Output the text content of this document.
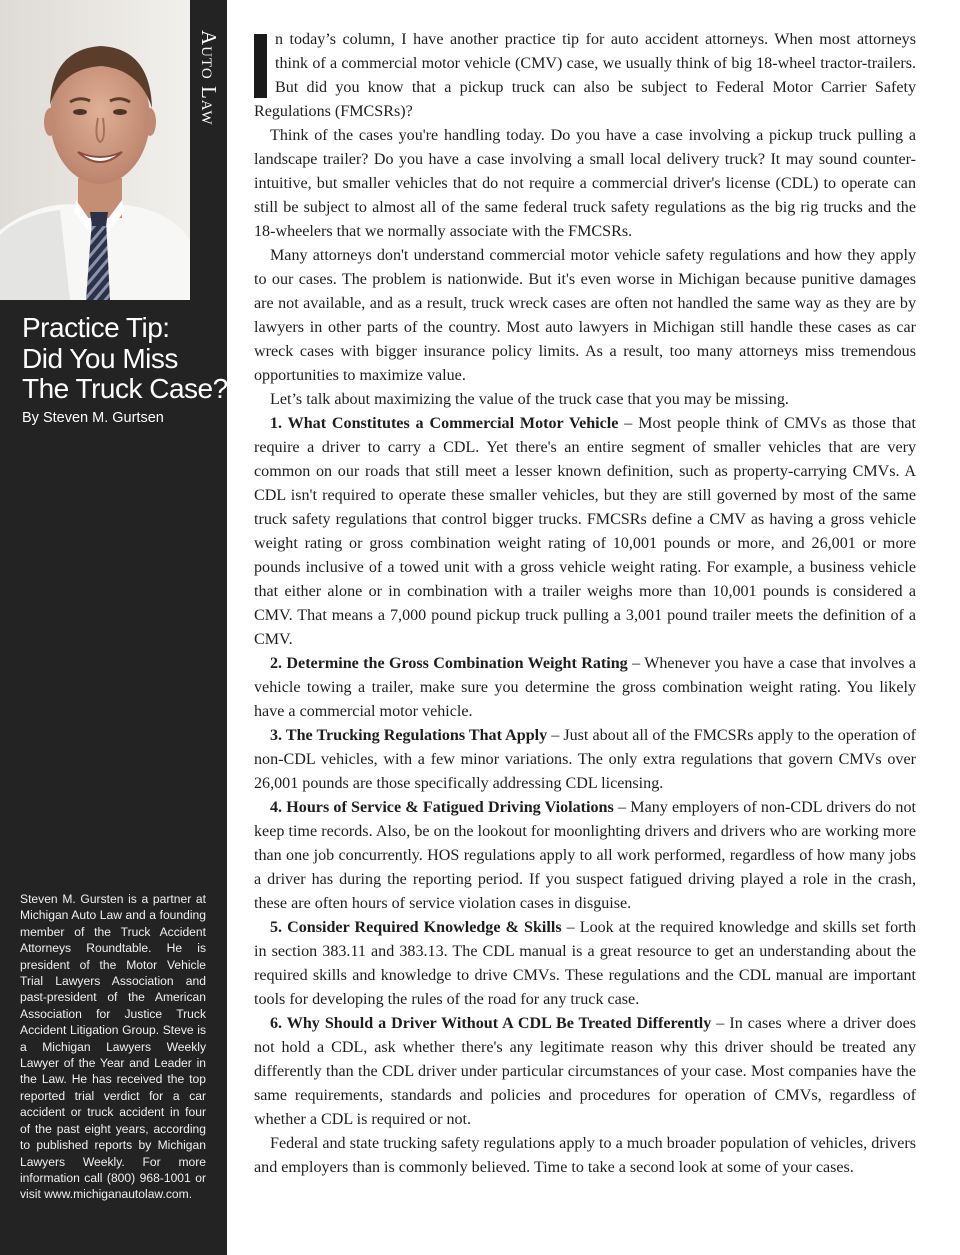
Auto Law
Practice Tip:
Did You Miss
The Truck Case?
By Steven M. Gurtsen

Steven M. Gursten is a partner at Michigan Auto Law and a founding member of the Truck Accident Attorneys Roundtable. He is president of the Motor Vehicle Trial Lawyers Association and past-president of the American Association for Justice Truck Accident Litigation Group. Steve is a Michigan Lawyers Weekly Lawyer of the Year and Leader in the Law. He has received the top reported trial verdict for a car accident or truck accident in four of the past eight years, according to published reports by Michigan Lawyers Weekly. For more information call (800) 968-1001 or visit www.michiganautolaw.com.

n today’s column, I have another practice tip for auto accident attorneys. When most attorneys think of a commercial motor vehicle (CMV) case, we usually think of big 18-wheel tractor-trailers. But did you know that a pickup truck can also be subject to Federal Motor Carrier Safety Regulations (FMCSRs)?

Think of the cases you're handling today. Do you have a case involving a pickup truck pulling a landscape trailer? Do you have a case involving a small local delivery truck? It may sound counter-intuitive, but smaller vehicles that do not require a commercial driver's license (CDL) to operate can still be subject to almost all of the same federal truck safety regulations as the big rig trucks and the 18-wheelers that we normally associate with the FMCSRs.

Many attorneys don't understand commercial motor vehicle safety regulations and how they apply to our cases. The problem is nationwide. But it's even worse in Michigan because punitive damages are not available, and as a result, truck wreck cases are often not handled the same way as they are by lawyers in other parts of the country. Most auto lawyers in Michigan still handle these cases as car wreck cases with bigger insurance policy limits. As a result, too many attorneys miss tremendous opportunities to maximize value.

Let’s talk about maximizing the value of the truck case that you may be missing.

1. What Constitutes a Commercial Motor Vehicle – Most people think of CMVs as those that require a driver to carry a CDL. Yet there's an entire segment of smaller vehicles that are very common on our roads that still meet a lesser known definition, such as property-carrying CMVs. A CDL isn't required to operate these smaller vehicles, but they are still governed by most of the same truck safety regulations that control bigger trucks. FMCSRs define a CMV as having a gross vehicle weight rating or gross combination weight rating of 10,001 pounds or more, and 26,001 or more pounds inclusive of a towed unit with a gross vehicle weight rating. For example, a business vehicle that either alone or in combination with a trailer weighs more than 10,001 pounds is considered a CMV. That means a 7,000 pound pickup truck pulling a 3,001 pound trailer meets the definition of a CMV.

2. Determine the Gross Combination Weight Rating – Whenever you have a case that involves a vehicle towing a trailer, make sure you determine the gross combination weight rating. You likely have a commercial motor vehicle.

3. The Trucking Regulations That Apply – Just about all of the FMCSRs apply to the operation of non-CDL vehicles, with a few minor variations. The only extra regulations that govern CMVs over 26,001 pounds are those specifically addressing CDL licensing.

4. Hours of Service & Fatigued Driving Violations – Many employers of non-CDL drivers do not keep time records. Also, be on the lookout for moonlighting drivers and drivers who are working more than one job concurrently. HOS regulations apply to all work performed, regardless of how many jobs a driver has during the reporting period. If you suspect fatigued driving played a role in the crash, these are often hours of service violation cases in disguise.

5. Consider Required Knowledge & Skills – Look at the required knowledge and skills set forth in section 383.11 and 383.13. The CDL manual is a great resource to get an understanding about the required skills and knowledge to drive CMVs. These regulations and the CDL manual are important tools for developing the rules of the road for any truck case.

6. Why Should a Driver Without A CDL Be Treated Differently – In cases where a driver does not hold a CDL, ask whether there's any legitimate reason why this driver should be treated any differently than the CDL driver under particular circumstances of your case. Most companies have the same requirements, standards and policies and procedures for operation of CMVs, regardless of whether a CDL is required or not.

Federal and state trucking safety regulations apply to a much broader population of vehicles, drivers and employers than is commonly believed. Time to take a second look at some of your cases.
